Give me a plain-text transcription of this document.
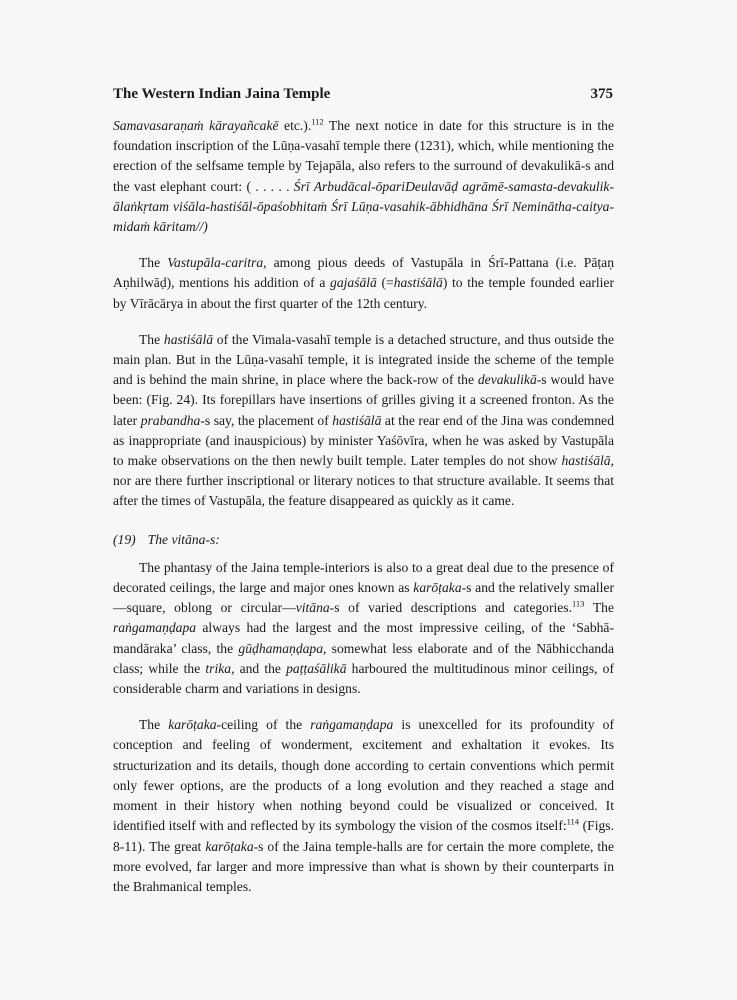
The Western Indian Jaina Temple	375

Samavasaraṇaṁ kārayañcakē etc.).$^{112}$ The next notice in date for this structure is in the foundation inscription of the Lūṇa-vasahī temple there (1231), which, while mentioning the erection of the selfsame temple by Tejapāla, also refers to the surround of devakulikā-s and the vast elephant court: ( . . . . . Śrī Arbudācal-ōpariDeulavāḍ agrāmē-samasta-devakulik-ālaṅkṛtam viśāla-hastiśāl-ōpaśobhitaṁ Śrī Lūṇa-vasahik-ābhidhāna Śrī Neminātha-caitya-midaṁ kāritam//)

The Vastupāla-caritra, among pious deeds of Vastupāla in Śrī-Pattana (i.e. Pāṭaṇ Aṇhilwāḍ), mentions his addition of a gajaśālā (=hastiśālā) to the temple founded earlier by Vīrācārya in about the first quarter of the 12th century.

The hastiśālā of the Vimala-vasahī temple is a detached structure, and thus outside the main plan. But in the Lūṇa-vasahī temple, it is integrated inside the scheme of the temple and is behind the main shrine, in place where the back-row of the devakulikā-s would have been: (Fig. 24). Its forepillars have insertions of grilles giving it a screened fronton. As the later prabandha-s say, the placement of hastiśālā at the rear end of the Jina was condemned as inappropriate (and inauspicious) by minister Yaśōvīra, when he was asked by Vastupāla to make observations on the then newly built temple. Later temples do not show hastiśālā, nor are there further inscriptional or literary notices to that structure available. It seems that after the times of Vastupāla, the feature disappeared as quickly as it came.

(19) The vitāna-s:

The phantasy of the Jaina temple-interiors is also to a great deal due to the presence of decorated ceilings, the large and major ones known as karōṭaka-s and the relatively smaller—square, oblong or circular—vitāna-s of varied descriptions and categories.$^{113}$ The raṅgamaṇḍapa always had the largest and the most impressive ceiling, of the ‘Sabhā-mandāraka’ class, the gūḍhamaṇḍapa, somewhat less elaborate and of the Nābhicchanda class; while the trika, and the paṭṭaśālikā harboured the multitudinous minor ceilings, of considerable charm and variations in designs.

The karōṭaka-ceiling of the raṅgamaṇḍapa is unexcelled for its profoundity of conception and feeling of wonderment, excitement and exhaltation it evokes. Its structurization and its details, though done according to certain conventions which permit only fewer options, are the products of a long evolution and they reached a stage and moment in their history when nothing beyond could be visualized or conceived. It identified itself with and reflected by its symbology the vision of the cosmos itself:$^{114}$ (Figs. 8-11). The great karōṭaka-s of the Jaina temple-halls are for certain the more complete, the more evolved, far larger and more impressive than what is shown by their counterparts in the Brahmanical temples.
